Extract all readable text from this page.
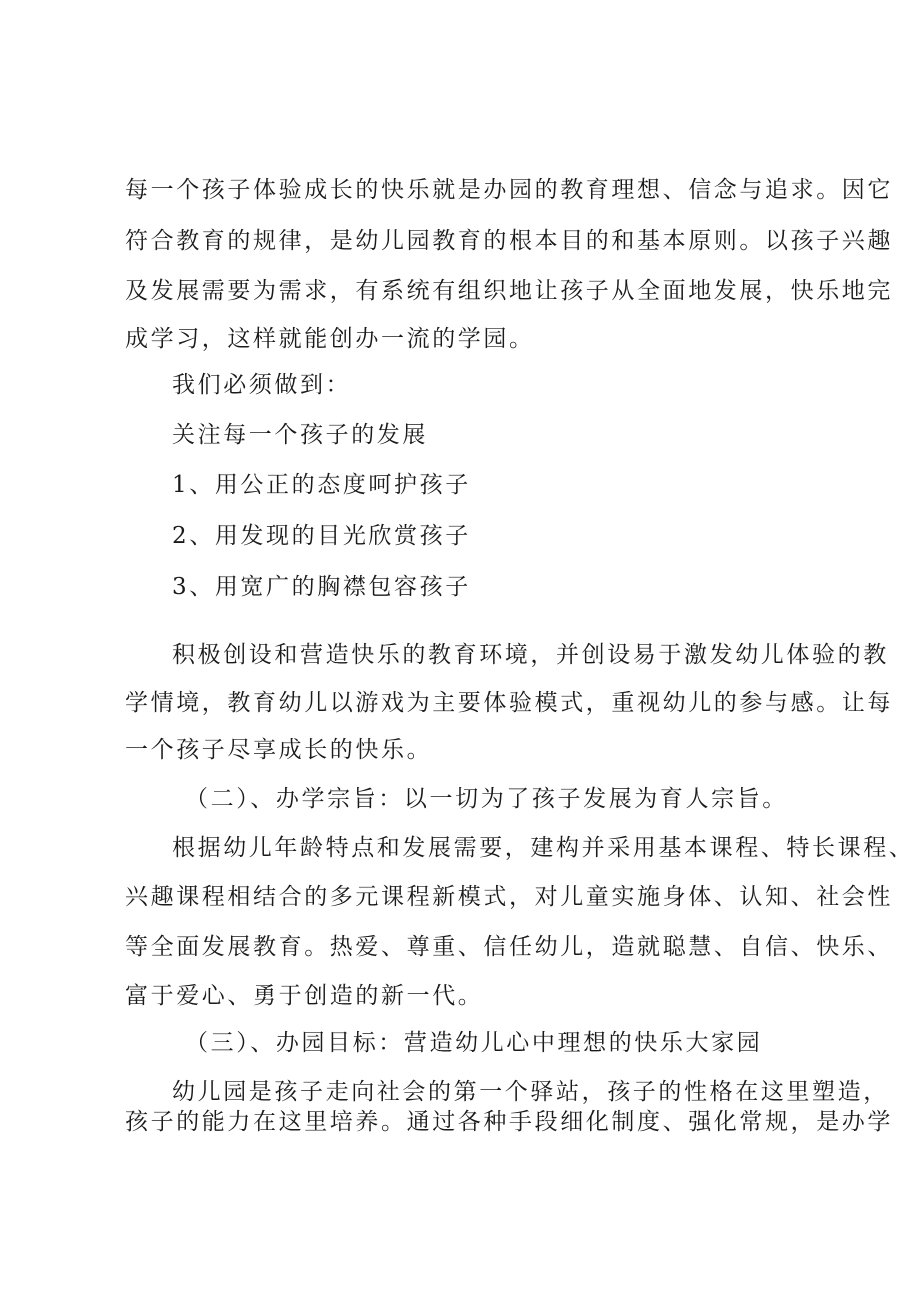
每一个孩子体验成长的快乐就是办园的教育理想、信念与追求。因它
符合教育的规律，是幼儿园教育的根本目的和基本原则。以孩子兴趣
及发展需要为需求，有系统有组织地让孩子从全面地发展，快乐地完
成学习，这样就能创办一流的学园。
我们必须做到：
关注每一个孩子的发展
1、用公正的态度呵护孩子
2、用发现的目光欣赏孩子
3、用宽广的胸襟包容孩子
积极创设和营造快乐的教育环境，并创设易于激发幼儿体验的教
学情境，教育幼儿以游戏为主要体验模式，重视幼儿的参与感。让每
一个孩子尽享成长的快乐。
（二）、办学宗旨：以一切为了孩子发展为育人宗旨。
根据幼儿年龄特点和发展需要，建构并采用基本课程、特长课程、
兴趣课程相结合的多元课程新模式，对儿童实施身体、认知、社会性
等全面发展教育。热爱、尊重、信任幼儿，造就聪慧、自信、快乐、
富于爱心、勇于创造的新一代。
（三）、办园目标：营造幼儿心中理想的快乐大家园
幼儿园是孩子走向社会的第一个驿站，孩子的性格在这里塑造，
孩子的能力在这里培养。通过各种手段细化制度、强化常规，是办学
